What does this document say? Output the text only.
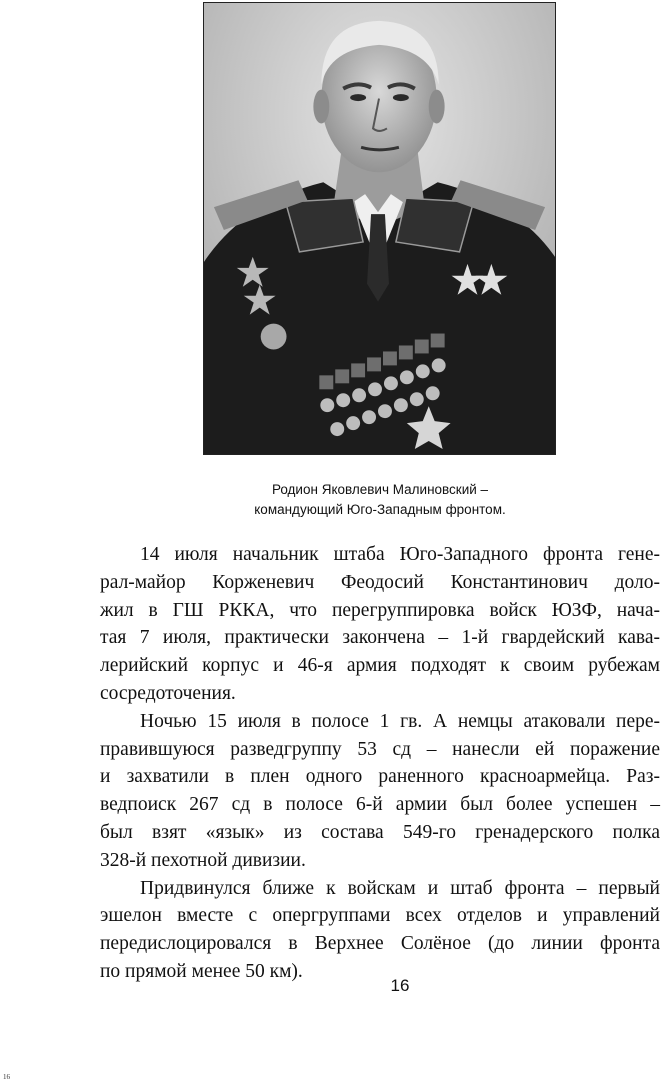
Родион Яковлевич Малиновский –
командующий Юго-Западным фронтом.
14 июля начальник штаба Юго-Западного фронта гене-
рал-майор Корженевич Феодосий Константинович доло-
жил в ГШ РККА, что перегруппировка войск ЮЗФ, нача-
тая 7 июля, практически закончена – 1-й гвардейский кава-
лерийский корпус и 46-я армия подходят к своим рубежам
сосредоточения.
Ночью 15 июля в полосе 1 гв. А немцы атаковали пере-
правившуюся разведгруппу 53 сд – нанесли ей поражение
и захватили в плен одного раненного красноармейца. Раз-
ведпоиск 267 сд в полосе 6-й армии был более успешен –
был взят «язык» из состава 549-го гренадерского полка
328-й пехотной дивизии.
Придвинулся ближе к войскам и штаб фронта – первый
эшелон вместе с опергруппами всех отделов и управлений
передислоцировался в Верхнее Солёное (до линии фронта
по прямой менее 50 км).
16
16
